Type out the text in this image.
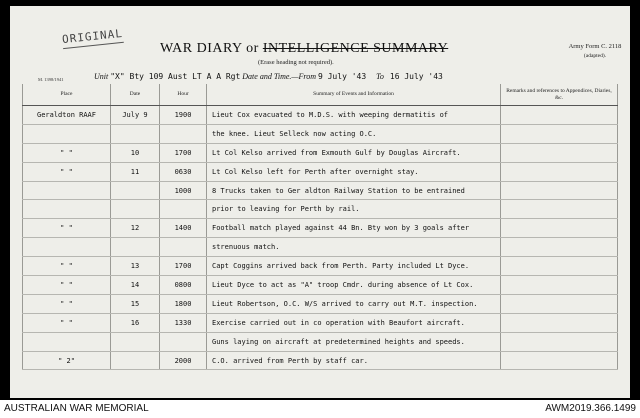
ORIGINAL
WAR DIARY or INTELLIGENCE SUMMARY
(Erase heading not required).
Army Form C. 2118
(adapted).
M. 1398/1941	Unit "X" Bty 109 Aust LT A A Rgt Date and Time.—From 9 July '43 To 16 July '43
Place	Date	Hour	Summary of Events and Information	Remarks and references to Appendices, Diaries, &c.
Geraldton RAAF	July 9	1900	Lieut Cox evacuated to M.D.S. with weeping dermatitis of	
			the knee. Lieut Selleck now acting O.C.	
" "	10	1700	Lt Col Kelso arrived from Exmouth Gulf by Douglas Aircraft.	
" "	11	0630	Lt Col Kelso left for Perth after overnight stay.	
		1000	8 Trucks taken to Ger aldton Railway Station to be entrained	
			prior to leaving for Perth by rail.	
" "	12	1400	Football match played against 44 Bn. Bty won by 3 goals after	
			strenuous match.	
" "	13	1700	Capt Coggins arrived back from Perth. Party included Lt Dyce.	
" "	14	0800	Lieut Dyce to act as "A" troop Cmdr. during absence of Lt Cox.	
" "	15	1800	Lieut Robertson, O.C. W/S arrived to carry out M.T. inspection.	
" "	16	1330	Exercise carried out in co operation with Beaufort aircraft.	
			Guns laying on aircraft at predetermined heights and speeds.	
" 2"		2000	C.O. arrived from Perth by staff car.	
AUSTRALIAN WAR MEMORIAL	AWM2019.366.1499
